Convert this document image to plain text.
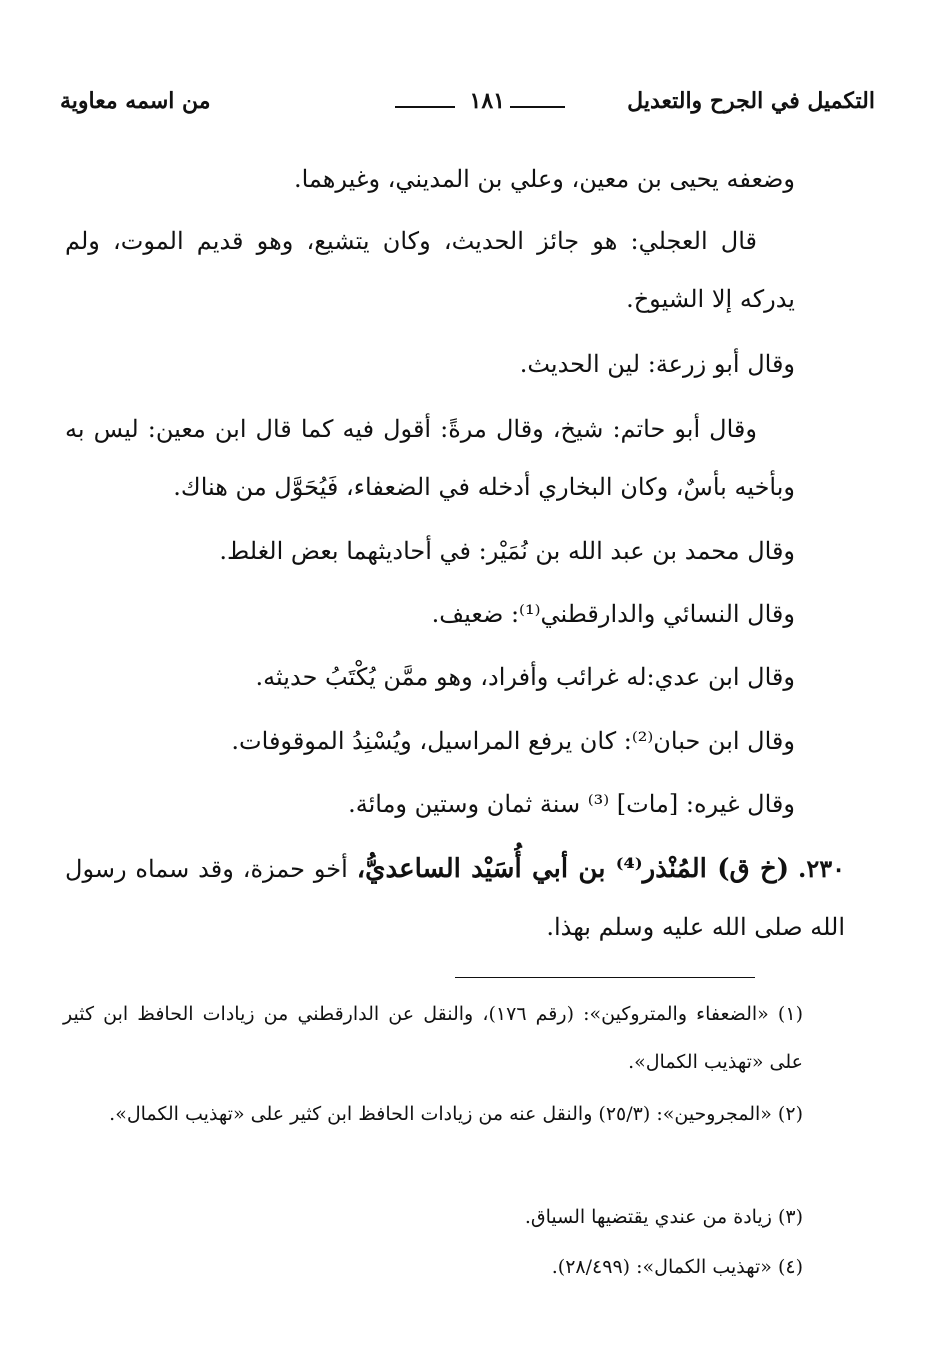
التكميل في الجرح والتعديل
١٨١
من اسمه معاوية
وضعفه يحيى بن معين، وعلي بن المديني، وغيرهما.
قال العجلي: هو جائز الحديث، وكان يتشيع، وهو قديم الموت، ولم يدركه إلا الشيوخ.
وقال أبو زرعة: لين الحديث.
وقال أبو حاتم: شيخ، وقال مرةً: أقول فيه كما قال ابن معين: ليس به وبأخيه بأسٌ، وكان البخاري أدخله في الضعفاء، فَيُحَوَّل من هناك.
وقال محمد بن عبد الله بن نُمَيْر: في أحاديثهما بعض الغلط.
وقال النسائي والدارقطني⁽¹⁾: ضعيف.
وقال ابن عدي:له غرائب وأفراد، وهو ممَّن يُكْتَبُ حديثه.
وقال ابن حبان⁽²⁾: كان يرفع المراسيل، ويُسْنِدُ الموقوفات.
وقال غيره: [مات] ⁽³⁾ سنة ثمان وستين ومائة.
٢٣٠. (خ ق) المُنْذر⁽⁴⁾ بن أبي أُسَيْد الساعديُّ، أخو حمزة، وقد سماه رسول الله صلى الله عليه وسلم بهذا.
(١) «الضعفاء والمتروكين»: (رقم ١٧٦)، والنقل عن الدارقطني من زيادات الحافظ ابن كثير على «تهذيب الكمال».
(٢) «المجروحين»: (٢٥/٣) والنقل عنه من زيادات الحافظ ابن كثير على «تهذيب الكمال».
(٣) زيادة من عندي يقتضيها السياق.
(٤) «تهذيب الكمال»: (٢٨/٤٩٩).
